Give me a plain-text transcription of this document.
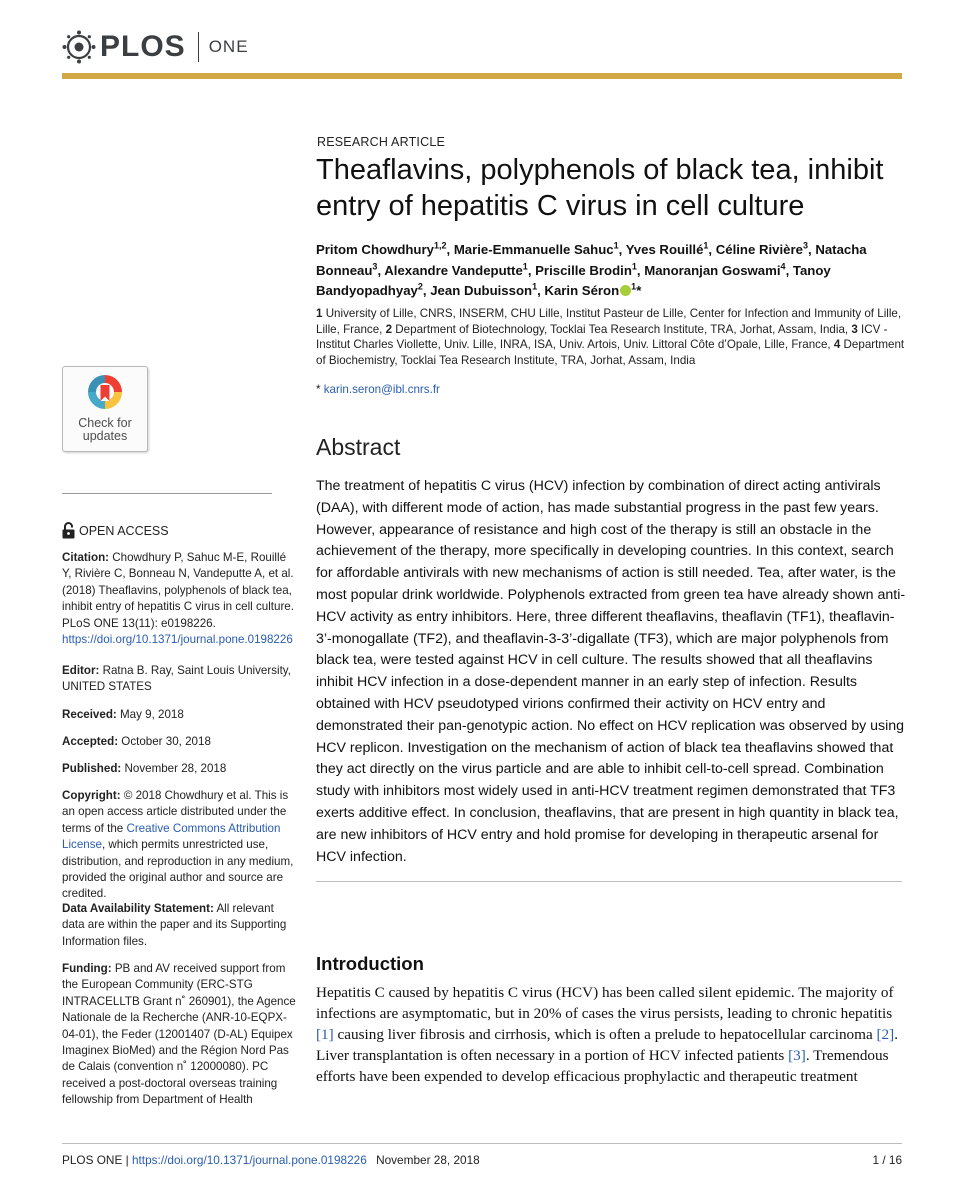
PLOS ONE
Check for updates
OPEN ACCESS

Citation: Chowdhury P, Sahuc M-E, Rouillé Y, Rivière C, Bonneau N, Vandeputte A, et al. (2018) Theaflavins, polyphenols of black tea, inhibit entry of hepatitis C virus in cell culture. PLoS ONE 13(11): e0198226. https://doi.org/10.1371/journal.pone.0198226

Editor: Ratna B. Ray, Saint Louis University, UNITED STATES

Received: May 9, 2018

Accepted: October 30, 2018

Published: November 28, 2018

Copyright: © 2018 Chowdhury et al. This is an open access article distributed under the terms of the Creative Commons Attribution License, which permits unrestricted use, distribution, and reproduction in any medium, provided the original author and source are credited.

Data Availability Statement: All relevant data are within the paper and its Supporting Information files.

Funding: PB and AV received support from the European Community (ERC-STG INTRACELLTB Grant n˚ 260901), the Agence Nationale de la Recherche (ANR-10-EQPX-04-01), the Feder (12001407 (D-AL) Equipex Imaginex BioMed) and the Région Nord Pas de Calais (convention n˚ 12000080). PC received a post-doctoral overseas training fellowship from Department of Health

RESEARCH ARTICLE
Theaflavins, polyphenols of black tea, inhibit entry of hepatitis C virus in cell culture
Pritom Chowdhury$^{1,2}$, Marie-Emmanuelle Sahuc$^1$, Yves Rouillé$^1$, Céline Rivière$^3$, Natacha Bonneau$^3$, Alexandre Vandeputte$^1$, Priscille Brodin$^1$, Manoranjan Goswami$^4$, Tanoy Bandyopadhyay$^2$, Jean Dubuisson$^1$, Karin Séron $^1$*
1 University of Lille, CNRS, INSERM, CHU Lille, Institut Pasteur de Lille, Center for Infection and Immunity of Lille, Lille, France, 2 Department of Biotechnology, Tocklai Tea Research Institute, TRA, Jorhat, Assam, India, 3 ICV - Institut Charles Viollette, Univ. Lille, INRA, ISA, Univ. Artois, Univ. Littoral Côte d’Opale, Lille, France, 4 Department of Biochemistry, Tocklai Tea Research Institute, TRA, Jorhat, Assam, India
* karin.seron@ibl.cnrs.fr
Abstract
The treatment of hepatitis C virus (HCV) infection by combination of direct acting antivirals (DAA), with different mode of action, has made substantial progress in the past few years. However, appearance of resistance and high cost of the therapy is still an obstacle in the achievement of the therapy, more specifically in developing countries. In this context, search for affordable antivirals with new mechanisms of action is still needed. Tea, after water, is the most popular drink worldwide. Polyphenols extracted from green tea have already shown anti-HCV activity as entry inhibitors. Here, three different theaflavins, theaflavin (TF1), theaflavin-3’-monogallate (TF2), and theaflavin-3-3’-digallate (TF3), which are major polyphenols from black tea, were tested against HCV in cell culture. The results showed that all theaflavins inhibit HCV infection in a dose-dependent manner in an early step of infection. Results obtained with HCV pseudotyped virions confirmed their activity on HCV entry and demonstrated their pan-genotypic action. No effect on HCV replication was observed by using HCV replicon. Investigation on the mechanism of action of black tea theaflavins showed that they act directly on the virus particle and are able to inhibit cell-to-cell spread. Combination study with inhibitors most widely used in anti-HCV treatment regimen demonstrated that TF3 exerts additive effect. In conclusion, theaflavins, that are present in high quantity in black tea, are new inhibitors of HCV entry and hold promise for developing in therapeutic arsenal for HCV infection.
Introduction
Hepatitis C caused by hepatitis C virus (HCV) has been called silent epidemic. The majority of infections are asymptomatic, but in 20% of cases the virus persists, leading to chronic hepatitis [1] causing liver fibrosis and cirrhosis, which is often a prelude to hepatocellular carcinoma [2]. Liver transplantation is often necessary in a portion of HCV infected patients [3]. Tremendous efforts have been expended to develop efficacious prophylactic and therapeutic treatment
PLOS ONE | https://doi.org/10.1371/journal.pone.0198226 November 28, 2018	1 / 16
